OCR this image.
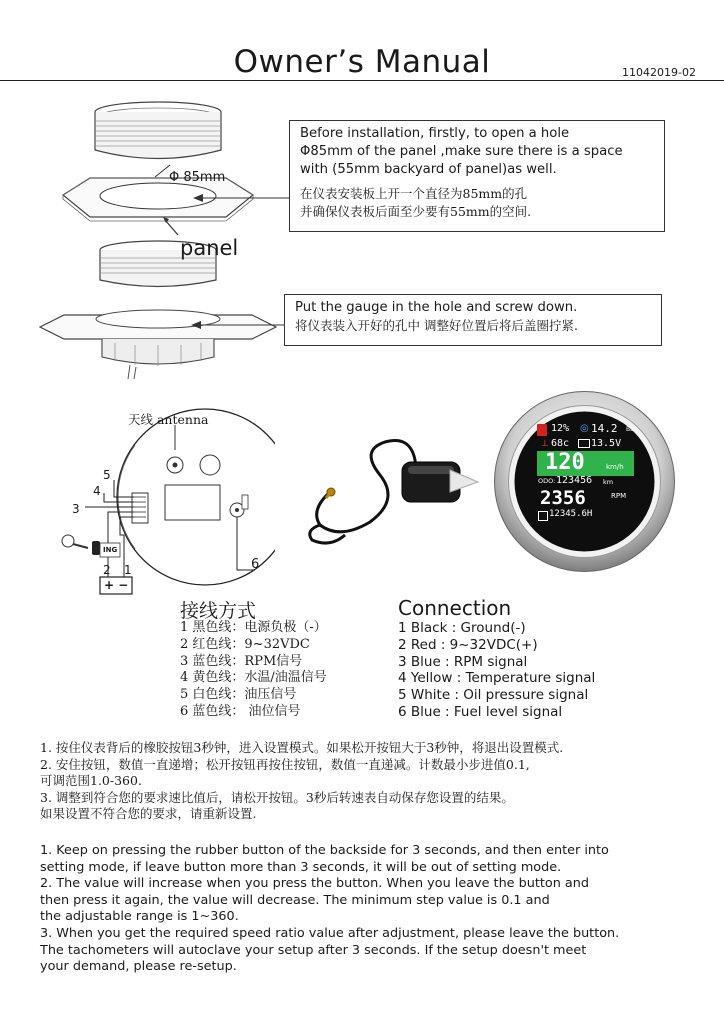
Owner’s Manual	11042019-02
Φ 85mm
panel

Before installation, firstly, to open a hole

Φ85mm of the panel ,make sure there is a space

with (55mm backyard of panel)as well.

在仪表安装板上开一个直径为85mm的孔

并确保仪表板后面至少要有55mm的空间.

Put the gauge in the hole and screw down.

将仪表装入开好的孔中 调整好位置后将后盖圈拧紧.

天线 antenna
5
4
3
6
ING
2 1
+ −
12% ◎ 14.2 Bar
⊥ 68c 13.5V
120	km/h
ODO: 123456 km
2356	RPM
12345.6H
接线方式	Connection
1 黑色线：电源负极（-）
2 红色线：9~32VDC
3 蓝色线：RPM信号
4 黄色线：水温/油温信号
5 白色线：油压信号
6 蓝色线： 油位信号
1 Black : Ground(-)
2 Red : 9~32VDC(+)
3 Blue : RPM signal
4 Yellow : Temperature signal
5 White : Oil pressure signal
6 Blue : Fuel level signal
1. 按住仪表背后的橡胶按钮3秒钟，进入设置模式。如果松开按钮大于3秒钟，将退出设置模式.
2. 安住按钮，数值一直递增；松开按钮再按住按钮，数值一直递减。计数最小步进值0.1,
可调范围1.0-360.
3. 调整到符合您的要求速比值后，请松开按钮。3秒后转速表自动保存您设置的结果。
如果设置不符合您的要求，请重新设置.
1. Keep on pressing the rubber button of the backside for 3 seconds, and then enter into
setting mode, if leave button more than 3 seconds, it will be out of setting mode.
2. The value will increase when you press the button. When you leave the button and
then press it again, the value will decrease. The minimum step value is 0.1 and
the adjustable range is 1~360.
3. When you get the required speed ratio value after adjustment, please leave the button.
The tachometers will autoclave your setup after 3 seconds. If the setup doesn't meet
your demand, please re-setup.
